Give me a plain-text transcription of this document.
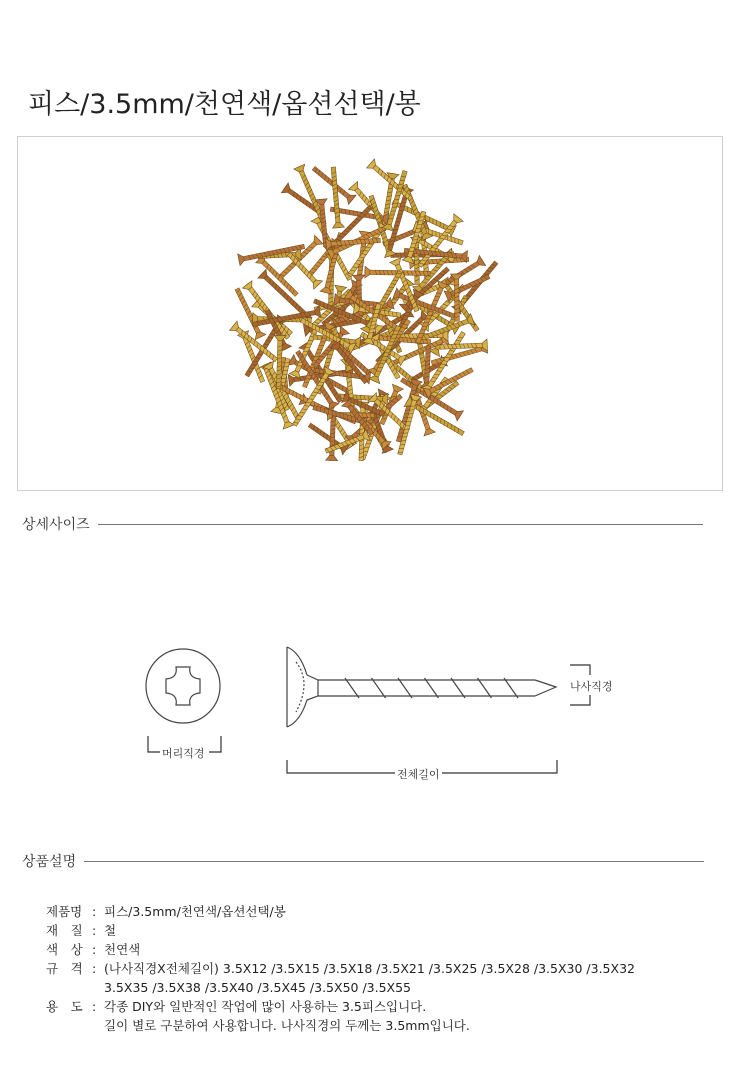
피스/3.5mm/천연색/옵션선택/봉
상세사이즈
머리직경
나사직경
전체길이
상품설명
제품명 : 피스/3.5mm/천연색/옵션선택/봉
재　질 : 철
색　상 : 천연색
규　격 : (나사직경X전체길이) 3.5X12 /3.5X15 /3.5X18 /3.5X21 /3.5X25 /3.5X28 /3.5X30 /3.5X32
3.5X35 /3.5X38 /3.5X40 /3.5X45 /3.5X50 /3.5X55
용　도 : 각종 DIY와 일반적인 작업에 많이 사용하는 3.5피스입니다.
길이 별로 구분하여 사용합니다. 나사직경의 두께는 3.5mm입니다.
